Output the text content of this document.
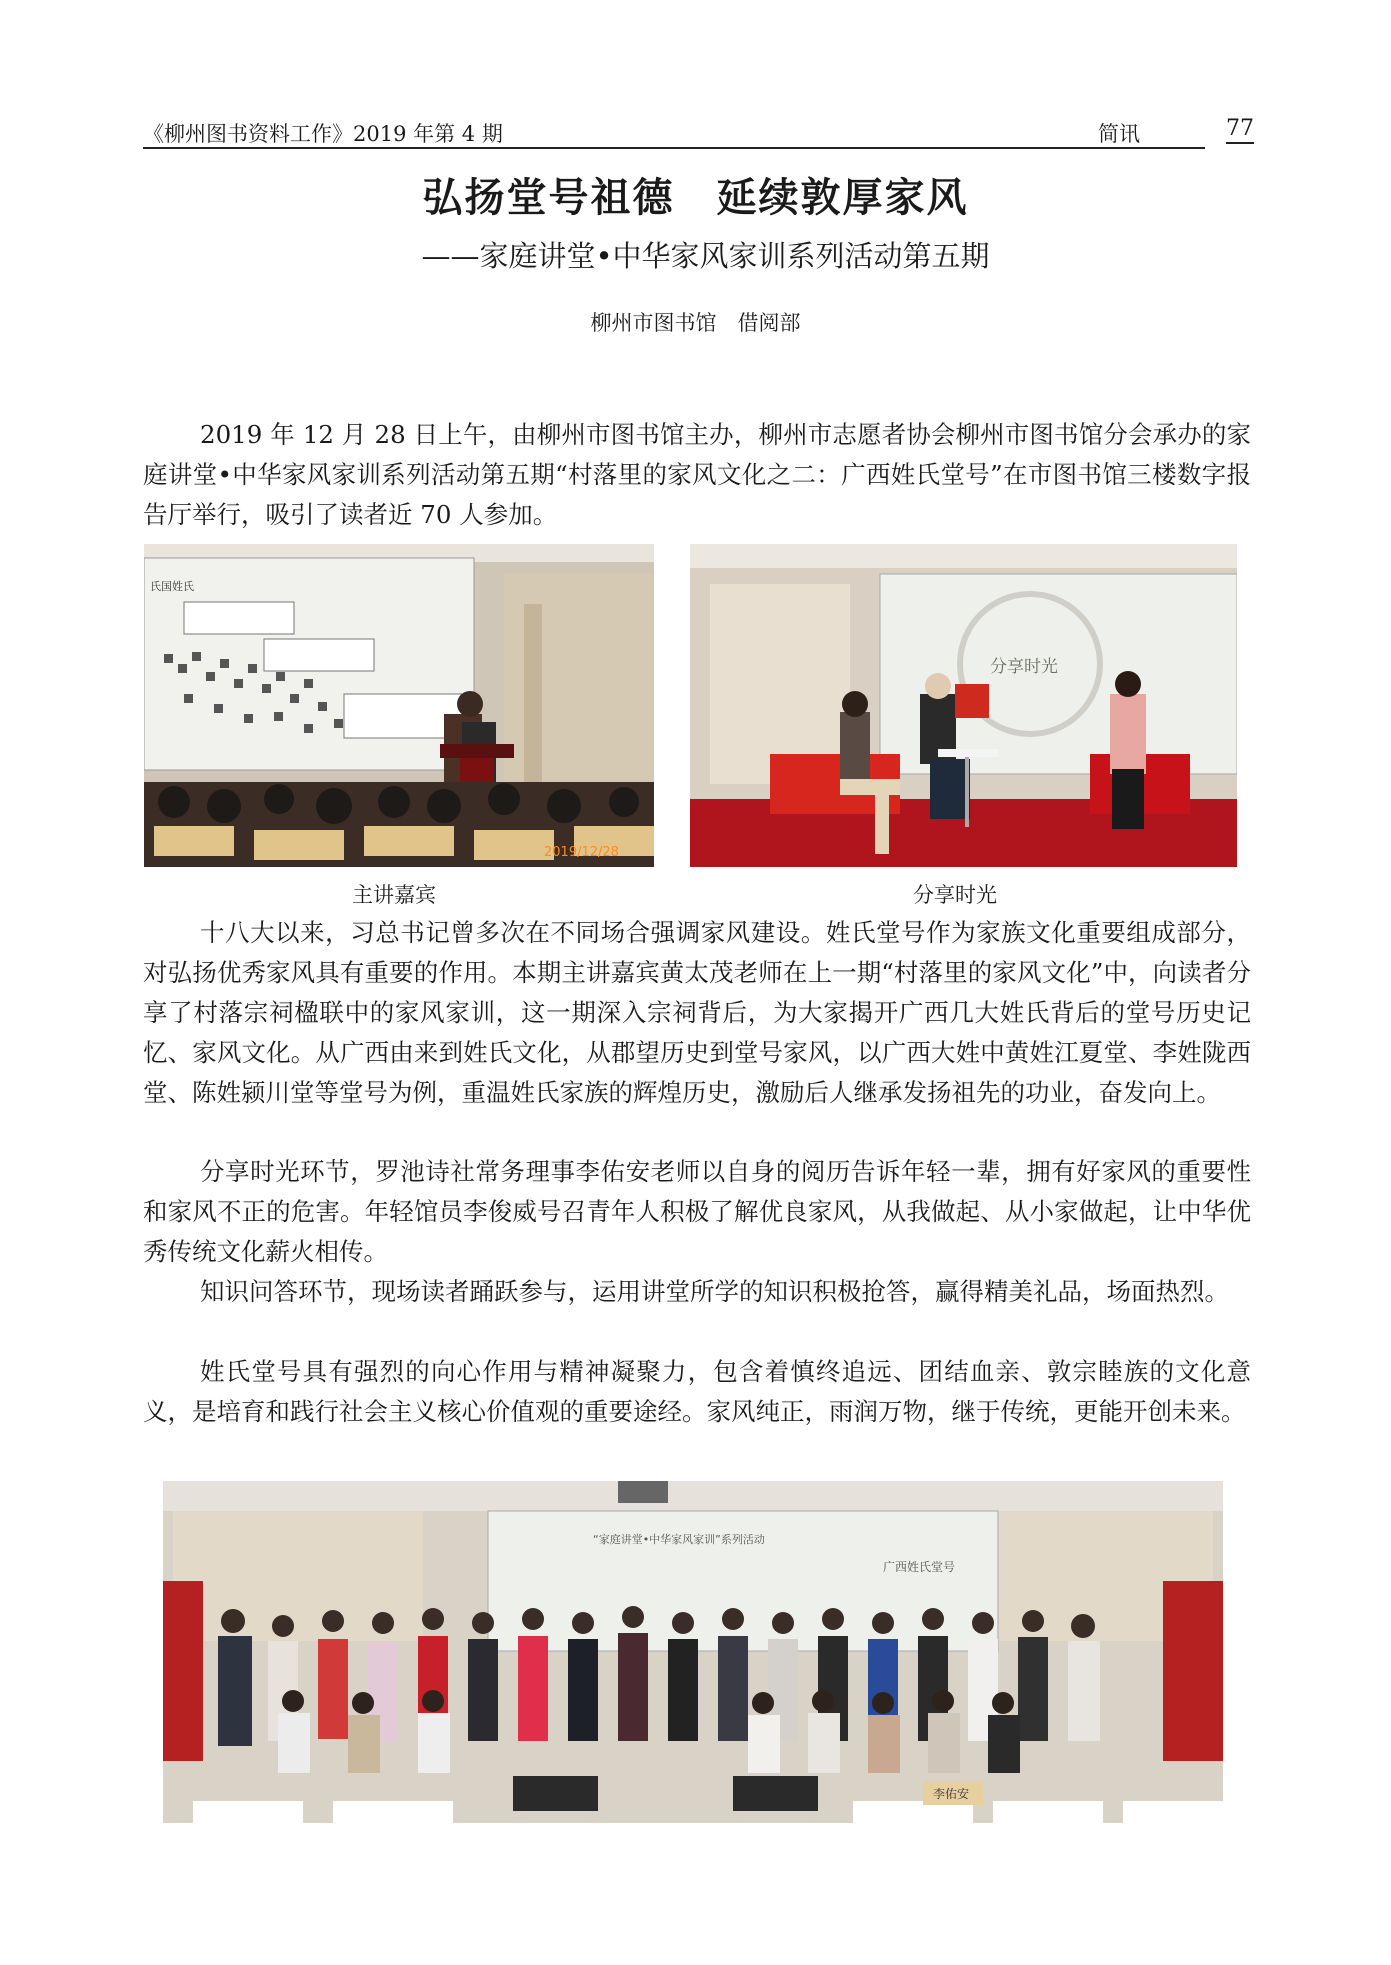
《柳州图书资料工作》2019 年第 4 期	简讯	77
弘扬堂号祖德　延续敦厚家风
——家庭讲堂•中华家风家训系列活动第五期
柳州市图书馆　借阅部

2019 年 12 月 28 日上午，由柳州市图书馆主办，柳州市志愿者协会柳州市图书馆分会承办的家庭讲堂•中华家风家训系列活动第五期“村落里的家风文化之二：广西姓氏堂号”在市图书馆三楼数字报告厅举行，吸引了读者近 70 人参加。

氏国姓氏
2019/12/28
主讲嘉宾
分享时光
分享时光

十八大以来，习总书记曾多次在不同场合强调家风建设。姓氏堂号作为家族文化重要组成部分，对弘扬优秀家风具有重要的作用。本期主讲嘉宾黄太茂老师在上一期“村落里的家风文化”中，向读者分享了村落宗祠楹联中的家风家训，这一期深入宗祠背后，为大家揭开广西几大姓氏背后的堂号历史记忆、家风文化。从广西由来到姓氏文化，从郡望历史到堂号家风，以广西大姓中黄姓江夏堂、李姓陇西堂、陈姓颍川堂等堂号为例，重温姓氏家族的辉煌历史，激励后人继承发扬祖先的功业，奋发向上。

分享时光环节，罗池诗社常务理事李佑安老师以自身的阅历告诉年轻一辈，拥有好家风的重要性和家风不正的危害。年轻馆员李俊威号召青年人积极了解优良家风，从我做起、从小家做起，让中华优秀传统文化薪火相传。

知识问答环节，现场读者踊跃参与，运用讲堂所学的知识积极抢答，赢得精美礼品，场面热烈。

姓氏堂号具有强烈的向心作用与精神凝聚力，包含着慎终追远、团结血亲、敦宗睦族的文化意义，是培育和践行社会主义核心价值观的重要途经。家风纯正，雨润万物，继于传统，更能开创未来。

“家庭讲堂•中华家风家训”系列活动
广西姓氏堂号
李佑安
